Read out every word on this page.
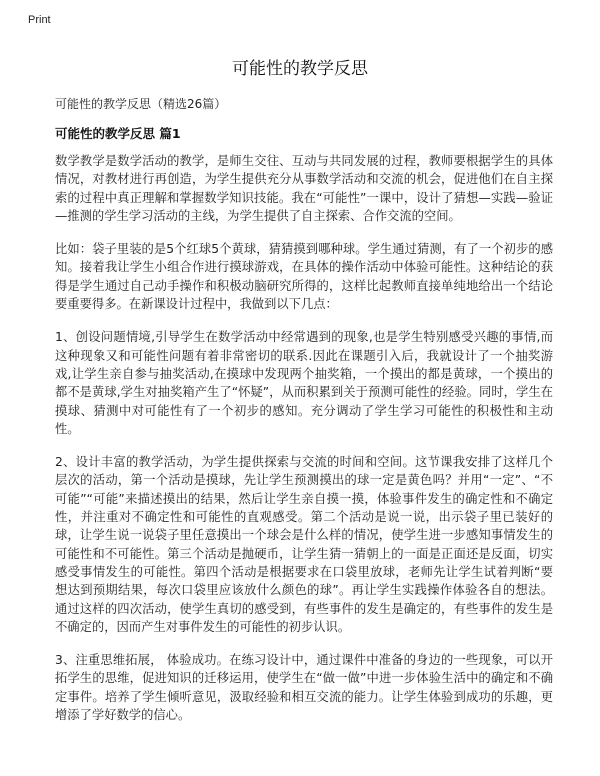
Print
可能性的教学反思
可能性的教学反思（精选26篇）
可能性的教学反思 篇1

数学教学是数学活动的教学，是师生交往、互动与共同发展的过程，教师要根据学生的具体情况，对教材进行再创造，为学生提供充分从事数学活动和交流的机会，促进他们在自主探索的过程中真正理解和掌握数学知识技能。我在“可能性”一课中，设计了猜想—实践—验证—推测的学生学习活动的主线，为学生提供了自主探索、合作交流的空间。

比如：袋子里装的是5个红球5个黄球，猜猜摸到哪种球。学生通过猜测，有了一个初步的感知。接着我让学生小组合作进行摸球游戏，在具体的操作活动中体验可能性。这种结论的获得是学生通过自己动手操作和积极动脑研究所得的，这样比起教师直接单纯地给出一个结论要重要得多。在新课设计过程中，我做到以下几点：

1、创设问题情境,引导学生在数学活动中经常遇到的现象,也是学生特别感受兴趣的事情,而这种现象又和可能性问题有着非常密切的联系.因此在课题引入后，我就设计了一个抽奖游戏,让学生亲自参与抽奖活动,在摸球中发现两个抽奖箱，一个摸出的都是黄球，一个摸出的都不是黄球,学生对抽奖箱产生了“怀疑”，从而积累到关于预测可能性的经验。同时，学生在摸球、猜测中对可能性有了一个初步的感知。充分调动了学生学习可能性的积极性和主动性。

2、设计丰富的教学活动，为学生提供探索与交流的时间和空间。这节课我安排了这样几个层次的活动，第一个活动是摸球，先让学生预测摸出的球一定是黄色吗？并用“一定”、“不可能”“可能”来描述摸出的结果，然后让学生亲自摸一摸，体验事件发生的确定性和不确定性，并注重对不确定性和可能性的直观感受。第二个活动是说一说，出示袋子里已装好的球，让学生说一说袋子里任意摸出一个球会是什么样的情况，使学生进一步感知事情发生的可能性和不可能性。第三个活动是抛硬币，让学生猜一猜朝上的一面是正面还是反面，切实感受事情发生的可能性。第四个活动是根据要求在口袋里放球，老师先让学生试着判断“要想达到预期结果，每次口袋里应该放什么颜色的球”。再让学生实践操作体验各自的想法。通过这样的四次活动，使学生真切的感受到，有些事件的发生是确定的，有些事件的发生是不确定的，因而产生对事件发生的可能性的初步认识。

3、注重思维拓展， 体验成功。在练习设计中，通过课件中准备的身边的一些现象，可以开拓学生的思维，促进知识的迁移运用，使学生在“做一做”中进一步体验生活中的确定和不确定事件。培养了学生倾听意见，汲取经验和相互交流的能力。让学生体验到成功的乐趣，更增添了学好数学的信心。
